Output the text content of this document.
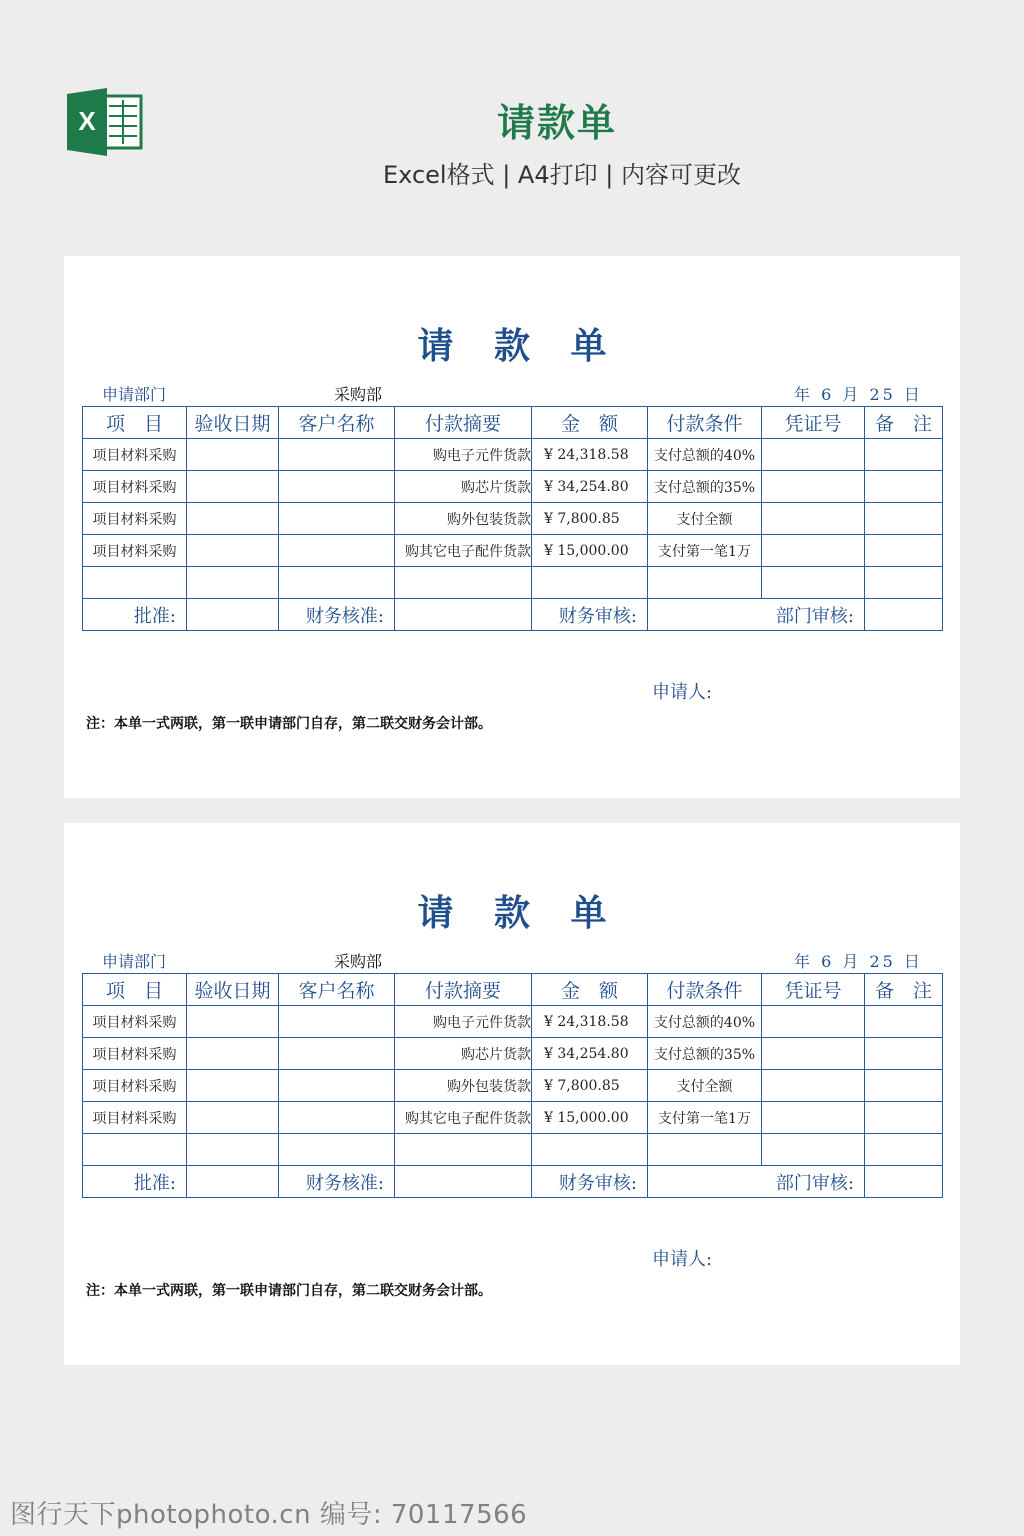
X	请款单
Excel格式 | A4打印 | 内容可更改
请 款 单
申请部门	采购部	年 6 月 25 日
项　目	验收日期	客户名称	付款摘要	金　额	付款条件	凭证号	备　注
项目材料采购			购电子元件货款	¥ 24,318.58	支付总额的40%		
项目材料采购			购芯片货款	¥ 34,254.80	支付总额的35%		
项目材料采购			购外包装货款	¥ 7,800.85	支付全额		
项目材料采购			购其它电子配件货款	¥ 15,000.00	支付第一笔1万		

批准:		财务核准:		财务审核:	部门审核:		
申请人:
注：本单一式两联，第一联申请部门自存，第二联交财务会计部。
请 款 单
申请部门	采购部	年 6 月 25 日
项　目	验收日期	客户名称	付款摘要	金　额	付款条件	凭证号	备　注
项目材料采购			购电子元件货款	¥ 24,318.58	支付总额的40%		
项目材料采购			购芯片货款	¥ 34,254.80	支付总额的35%		
项目材料采购			购外包装货款	¥ 7,800.85	支付全额		
项目材料采购			购其它电子配件货款	¥ 15,000.00	支付第一笔1万		

批准:		财务核准:		财务审核:	部门审核:		
申请人:
注：本单一式两联，第一联申请部门自存，第二联交财务会计部。
图行天下photophoto.cn 编号: 70117566
